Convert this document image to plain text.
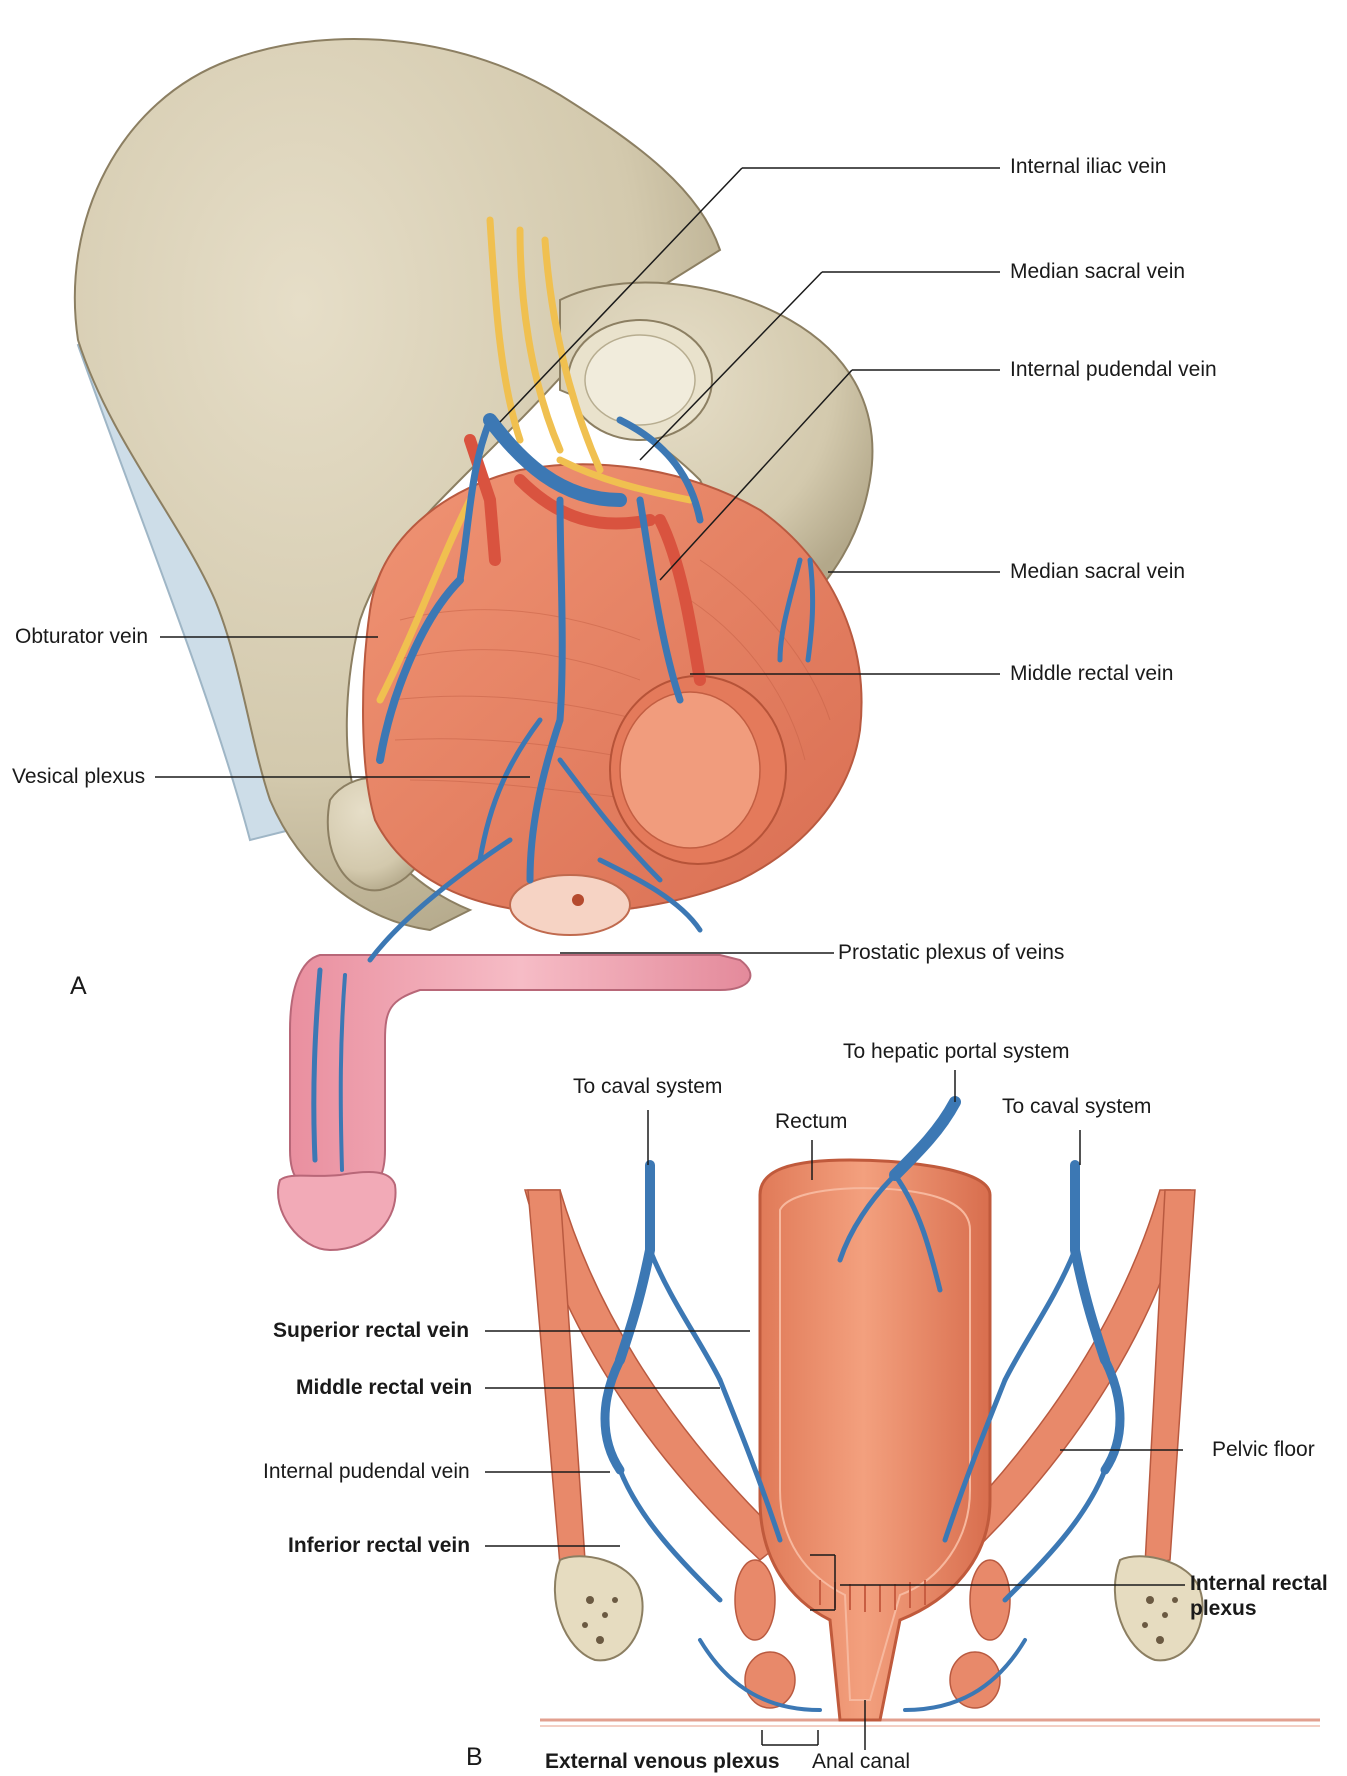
A
B
Internal iliac vein
Median sacral vein
Internal pudendal vein
Median sacral vein
Obturator vein
Middle rectal vein
Vesical plexus
Prostatic plexus of veins
To hepatic portal system
To caval system
To caval system
Rectum
Superior rectal vein
Middle rectal vein
Internal pudendal vein
Inferior rectal vein
Pelvic floor
Internal rectal
plexus
External venous plexus Anal canal
